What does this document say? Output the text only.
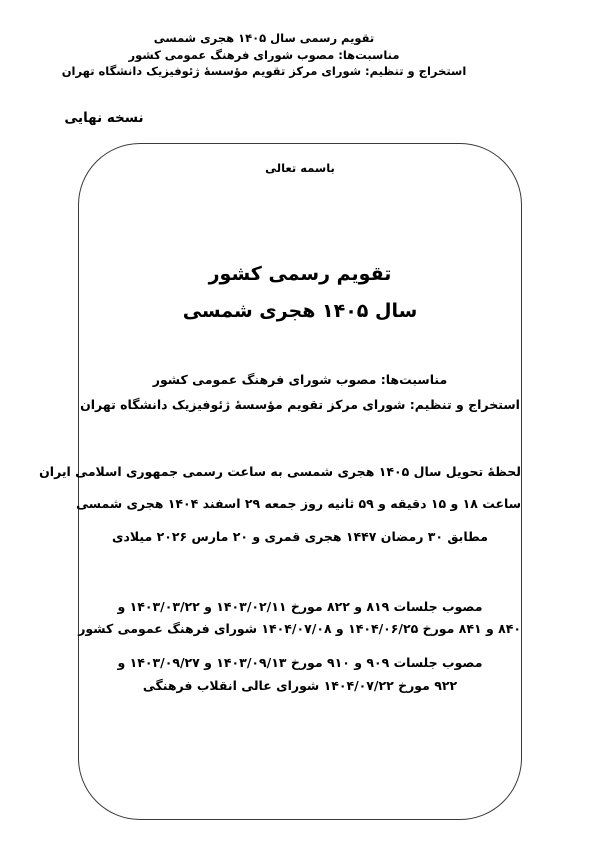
تقویم رسمی سال ۱۴۰۵ هجری شمسی
مناسبت‌ها: مصوب شورای فرهنگ عمومی کشور
استخراج و تنظیم: شورای مرکز تقویم مؤسسۀ ژئوفیزیک دانشگاه تهران
نسخه نهایی
باسمه تعالی
تقویم رسمی کشور
سال ۱۴۰۵ هجری شمسی
مناسبت‌ها: مصوب شورای فرهنگ عمومی کشور
استخراج و تنظیم: شورای مرکز تقویم مؤسسۀ ژئوفیزیک دانشگاه تهران
لحظۀ تحویل سال ۱۴۰۵ هجری شمسی به ساعت رسمی جمهوری اسلامی ایران
ساعت ۱۸ و ۱۵ دقیقه و ۵۹ ثانیه روز جمعه ۲۹ اسفند ۱۴۰۴ هجری شمسی
مطابق ۳۰ رمضان ۱۴۴۷ هجری قمری و ۲۰ مارس ۲۰۲۶ میلادی
مصوب جلسات ۸۱۹ و ۸۲۲ مورخ ۱۴۰۳/۰۲/۱۱ و ۱۴۰۳/۰۳/۲۲ و
۸۴۰ و ۸۴۱ مورخ ۱۴۰۴/۰۶/۲۵ و ۱۴۰۴/۰۷/۰۸ شورای فرهنگ عمومی کشور
مصوب جلسات ۹۰۹ و ۹۱۰ مورخ ۱۴۰۳/۰۹/۱۳ و ۱۴۰۳/۰۹/۲۷ و
۹۲۲ مورخ ۱۴۰۴/۰۷/۲۲ شورای عالی انقلاب فرهنگی
